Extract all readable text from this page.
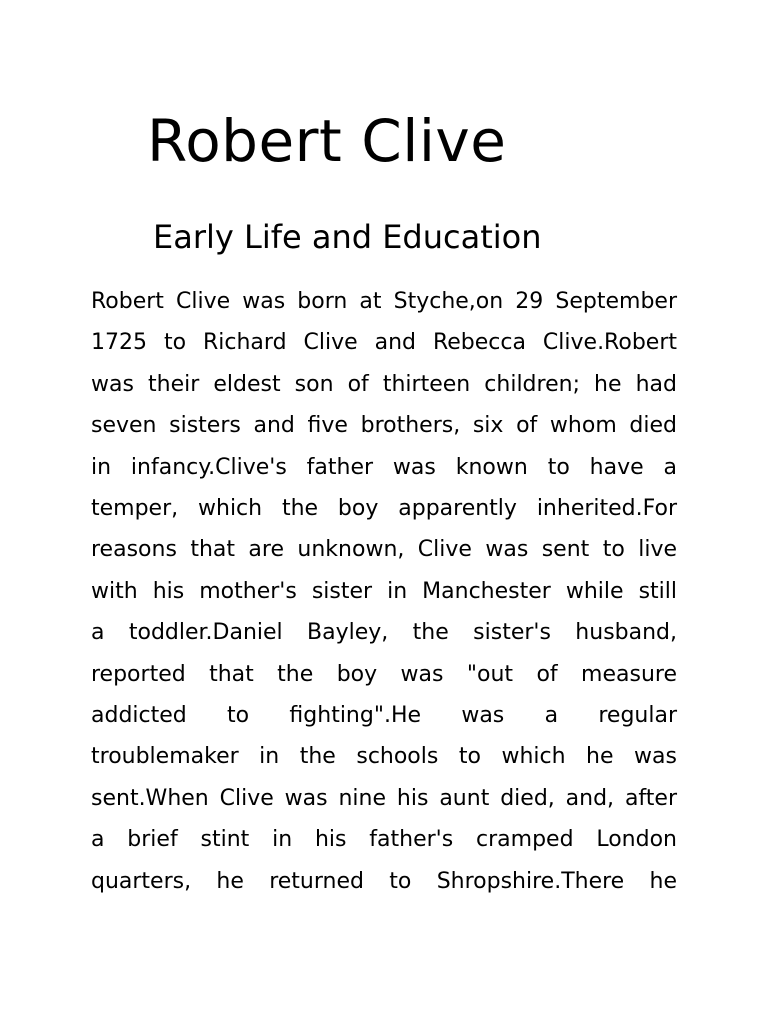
Robert Clive
Early Life and Education
Robert Clive was born at Styche,on 29 September
1725 to Richard Clive and Rebecca Clive.Robert
was their eldest son of thirteen children; he had
seven sisters and five brothers, six of whom died
in infancy.Clive's father was known to have a
temper, which the boy apparently inherited.For
reasons that are unknown, Clive was sent to live
with his mother's sister in Manchester while still
a toddler.Daniel Bayley, the sister's husband,
reported that the boy was "out of measure
addicted to fighting".He was a regular
troublemaker in the schools to which he was
sent.When Clive was nine his aunt died, and, after
a brief stint in his father's cramped London
quarters, he returned to Shropshire.There he
